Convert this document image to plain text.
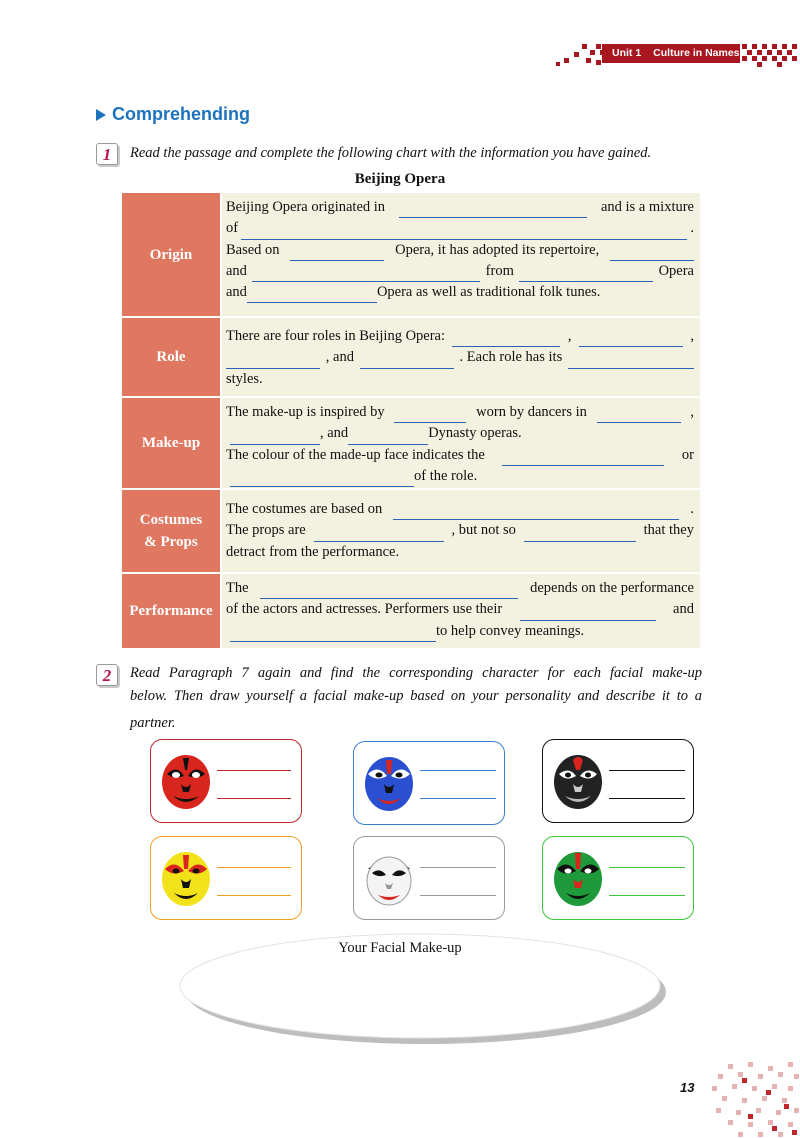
Unit 1 Culture in Names
Comprehending
1	Read the passage and complete the following chart with the information you have gained.
Beijing Opera
Origin
Beijing Opera originated in	and is a mixture
of	.
Based on	Opera, it has adopted its repertoire,
and	from	Opera
and	Opera as well as traditional folk tunes.
Role
There are four roles in Beijing Opera:	,	,
, and	. Each role has its
styles.
Make-up
The make-up is inspired by	worn by dancers in	,
, and	Dynasty operas.
The colour of the made-up face indicates the	or
of the role.
Costumes
& Props
The costumes are based on	.
The props are	, but not so	that they
detract from the performance.
Performance
The	depends on the performance
of the actors and actresses. Performers use their	and
to help convey meanings.
2	Read Paragraph 7 again and find the corresponding character for each facial make-up
below. Then draw yourself a facial make-up based on your personality and describe it to a
partner.
Your Facial Make-up
13
